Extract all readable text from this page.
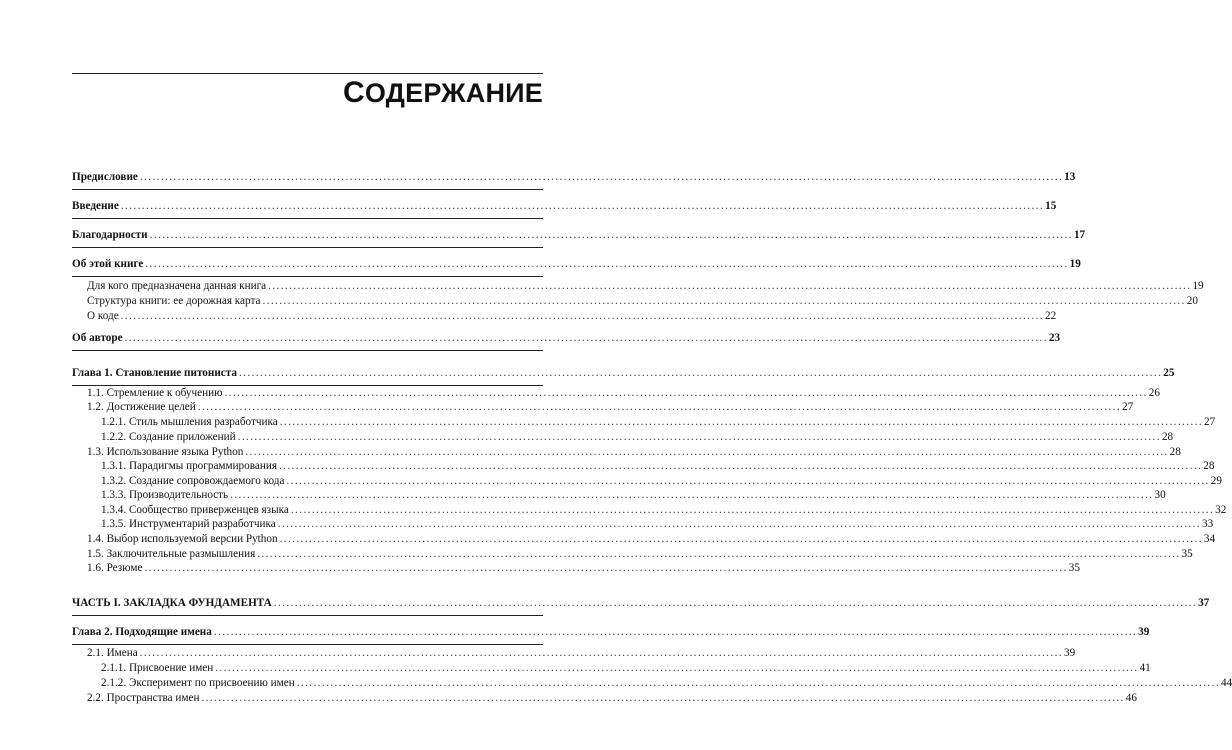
СОДЕРЖАНИЕ
Предисловие ............................................................................................................................................................................................................................ 13
Введение ............................................................................................................................................................................................................................ 15
Благодарности ............................................................................................................................................................................................................................ 17
Об этой книге ............................................................................................................................................................................................................................ 19
Для кого предназначена данная книга ............................................................................................................................................................................................................................ 19
Структура книги: ее дорожная карта ............................................................................................................................................................................................................................ 20
О коде ............................................................................................................................................................................................................................ 22
Об авторе ............................................................................................................................................................................................................................ 23
Глава 1. Становление питониста ............................................................................................................................................................................................................................ 25
1.1. Стремление к обучению ............................................................................................................................................................................................................................ 26
1.2. Достижение целей ............................................................................................................................................................................................................................ 27
1.2.1. Стиль мышления разработчика ............................................................................................................................................................................................................................ 27
1.2.2. Создание приложений ............................................................................................................................................................................................................................ 28
1.3. Использование языка Python ............................................................................................................................................................................................................................ 28
1.3.1. Парадигмы программирования ............................................................................................................................................................................................................................ 28
1.3.2. Создание сопровождаемого кода ............................................................................................................................................................................................................................ 29
1.3.3. Производительность ............................................................................................................................................................................................................................ 30
1.3.4. Сообщество приверженцев языка ............................................................................................................................................................................................................................ 32
1.3.5. Инструментарий разработчика ............................................................................................................................................................................................................................ 33
1.4. Выбор используемой версии Python ............................................................................................................................................................................................................................ 34
1.5. Заключительные размышления ............................................................................................................................................................................................................................ 35
1.6. Резюме ............................................................................................................................................................................................................................ 35
ЧАСТЬ I. ЗАКЛАДКА ФУНДАМЕНТА ............................................................................................................................................................................................................................ 37
Глава 2. Подходящие имена ............................................................................................................................................................................................................................ 39
2.1. Имена ............................................................................................................................................................................................................................ 39
2.1.1. Присвоение имен ............................................................................................................................................................................................................................ 41
2.1.2. Эксперимент по присвоению имен ............................................................................................................................................................................................................................ 44
2.2. Пространства имен ............................................................................................................................................................................................................................ 46
